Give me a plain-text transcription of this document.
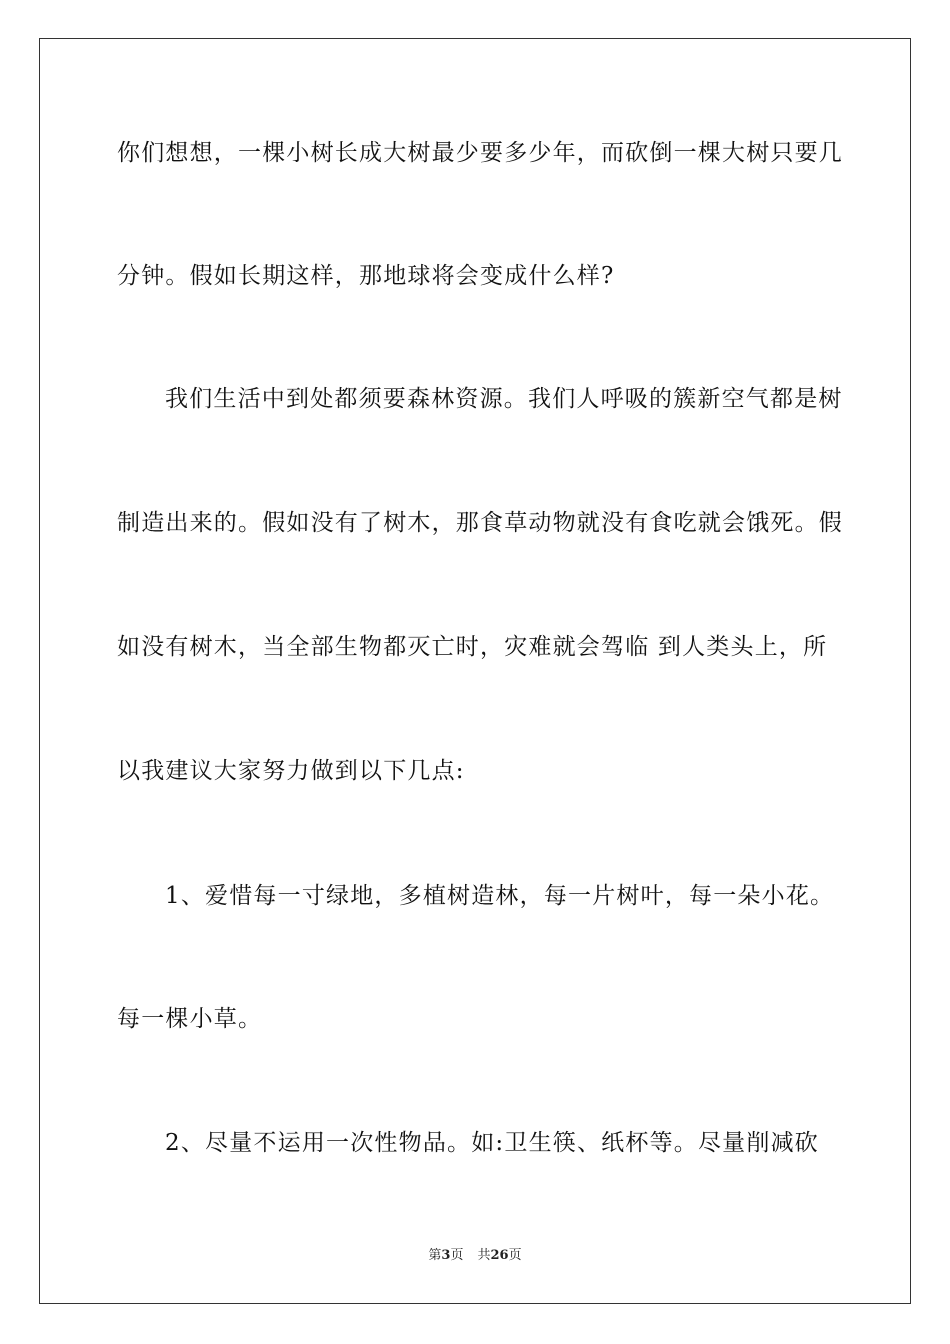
你们想想，一棵小树长成大树最少要多少年，而砍倒一棵大树只要几
分钟。假如长期这样，那地球将会变成什么样?
我们生活中到处都须要森林资源。我们人呼吸的簇新空气都是树
制造出来的。假如没有了树木，那食草动物就没有食吃就会饿死。假
如没有树木，当全部生物都灭亡时，灾难就会驾临 到人类头上，所
以我建议大家努力做到以下几点:
1、爱惜每一寸绿地，多植树造林，每一片树叶，每一朵小花。
每一棵小草。
2、尽量不运用一次性物品。如:卫生筷、纸杯等。尽量削减砍
第3页 共26页
